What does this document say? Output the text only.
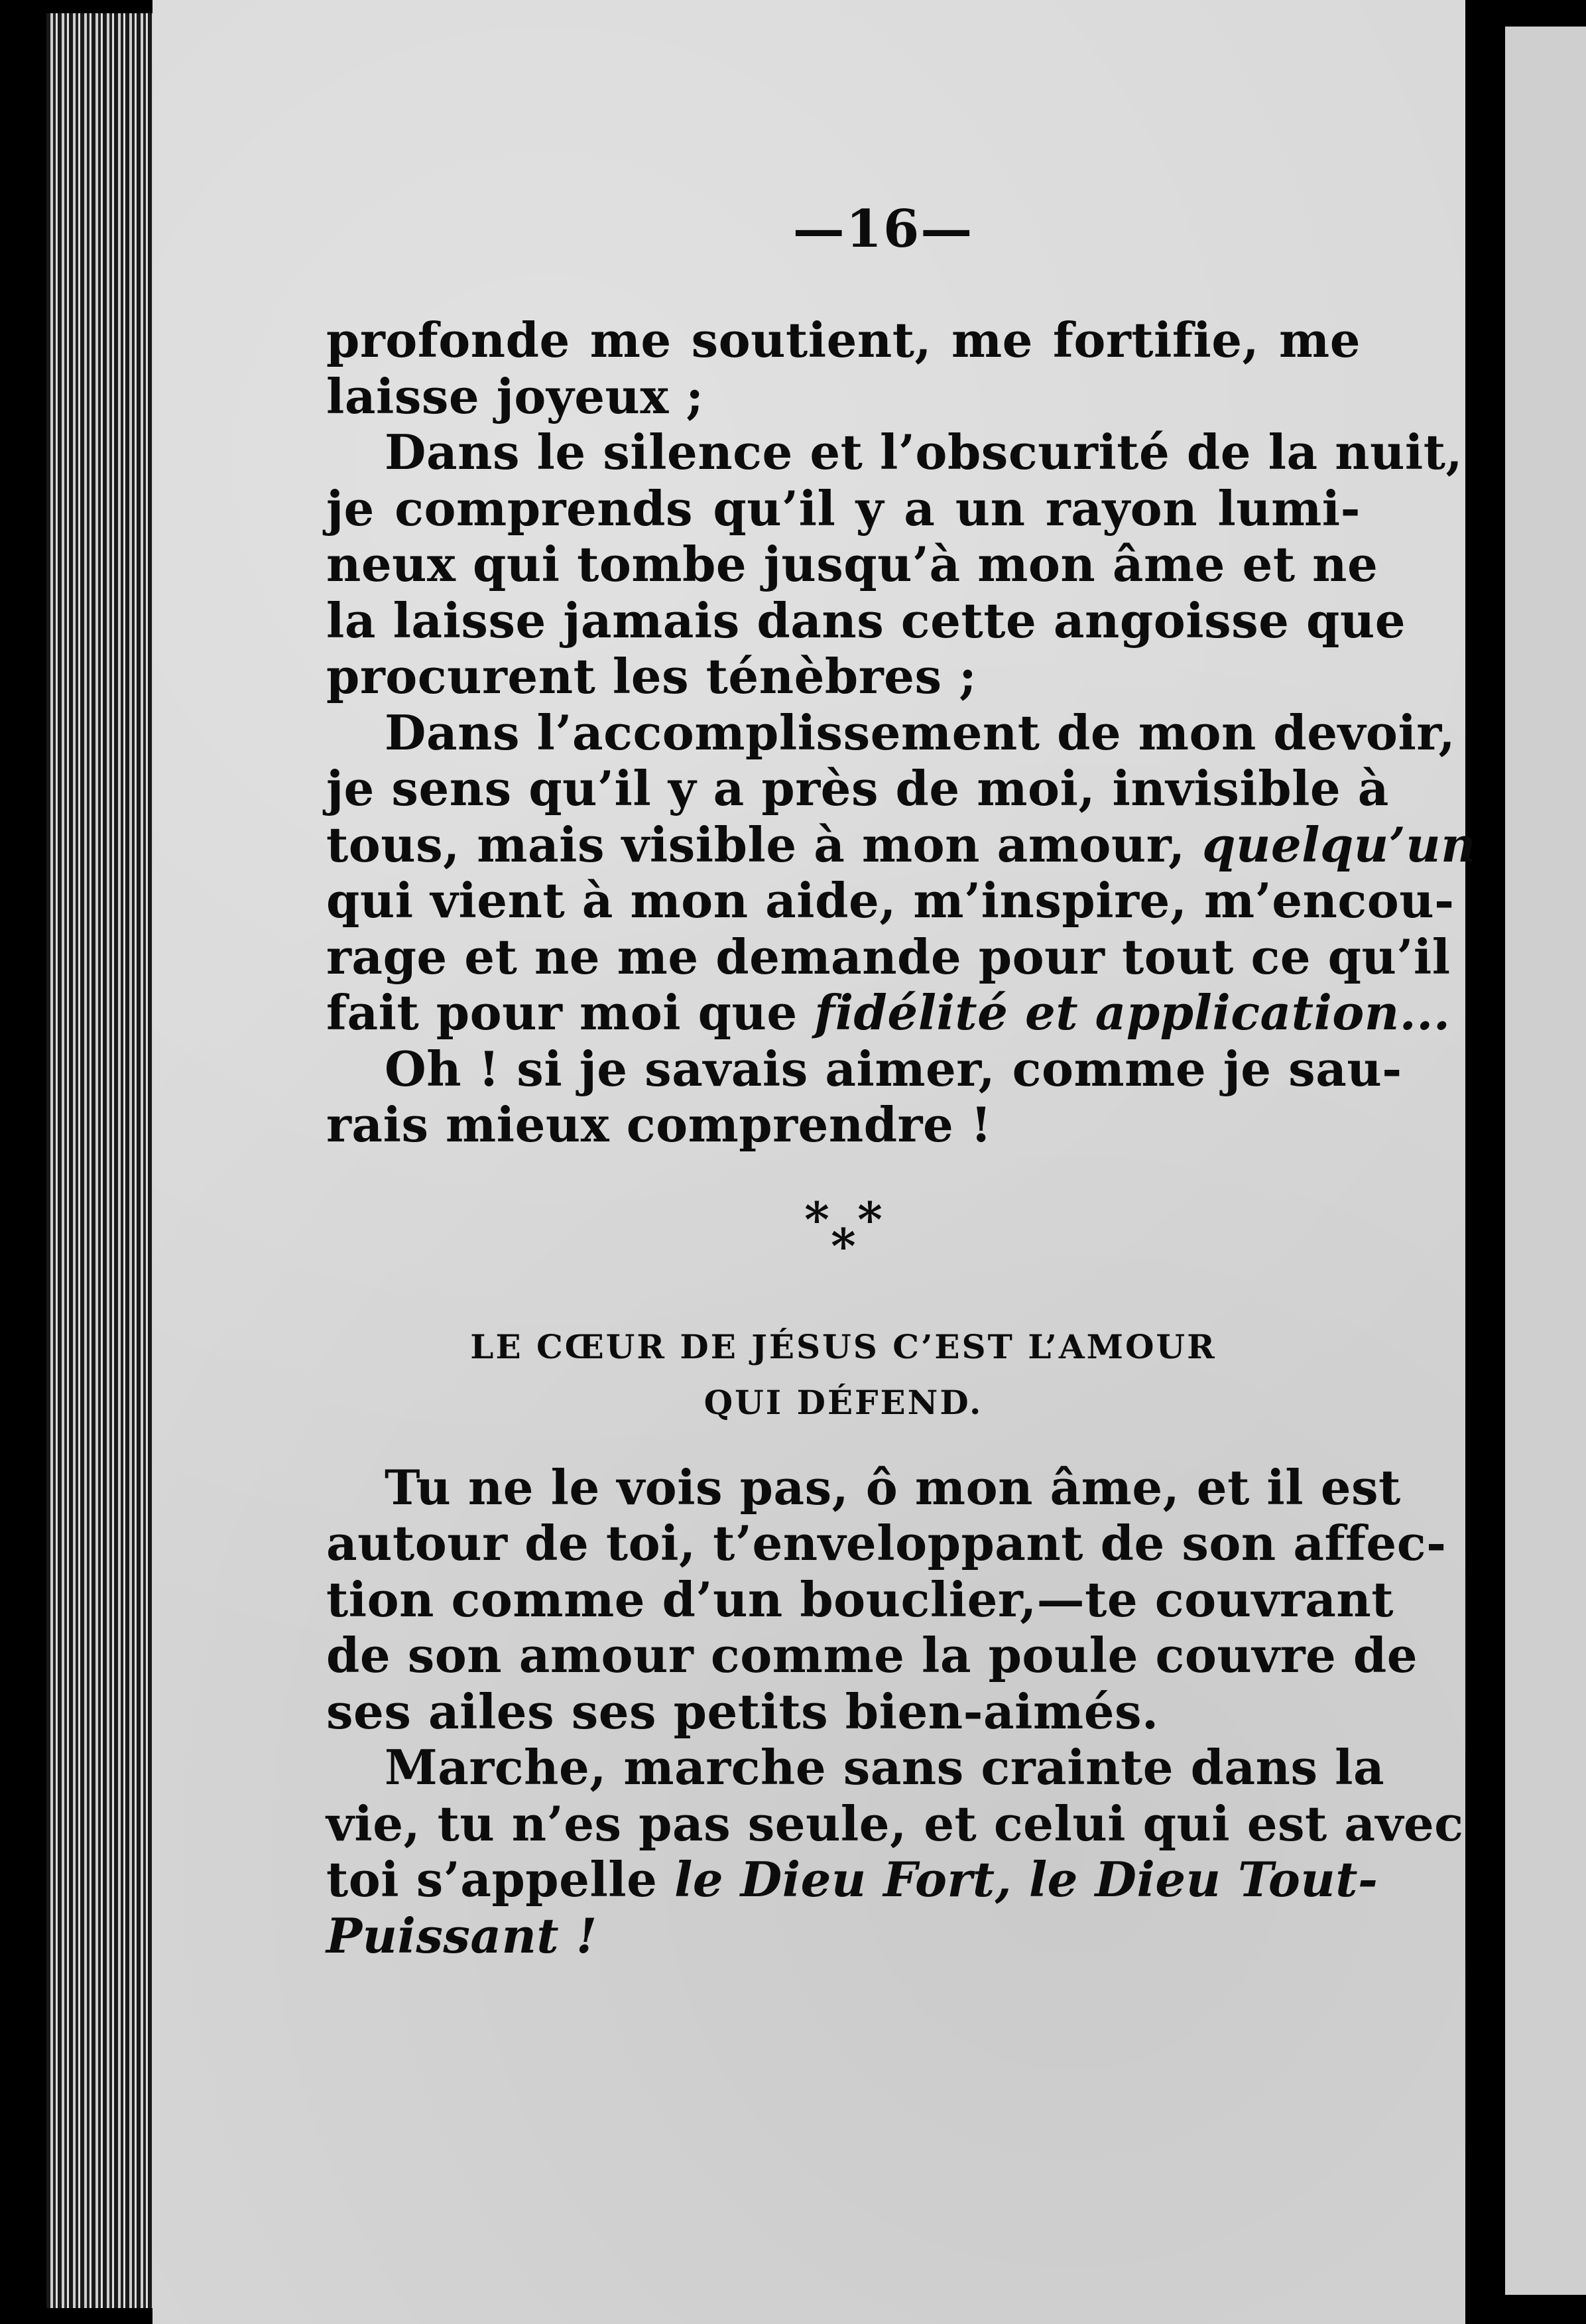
—16—

profonde me soutient, me fortifie, me
laisse joyeux ;

Dans le silence et l’obscurité de la nuit,
je comprends qu’il y a un rayon lumi-
neux qui tombe jusqu’à mon âme et ne
la laisse jamais dans cette angoisse que
procurent les ténèbres ;

Dans l’accomplissement de mon devoir,
je sens qu’il y a près de moi, invisible à
tous, mais visible à mon amour, quelqu’un
qui vient à mon aide, m’inspire, m’encou-
rage et ne me demande pour tout ce qu’il
fait pour moi que fidélité et application...

Oh ! si je savais aimer, comme je sau-
rais mieux comprendre !

* *
*
LE CŒUR DE JÉSUS C’EST L’AMOUR
QUI DÉFEND.

Tu ne le vois pas, ô mon âme, et il est
autour de toi, t’enveloppant de son affec-
tion comme d’un bouclier,—te couvrant
de son amour comme la poule couvre de
ses ailes ses petits bien-aimés.

Marche, marche sans crainte dans la
vie, tu n’es pas seule, et celui qui est avec
toi s’appelle le Dieu Fort, le Dieu Tout-
Puissant !
